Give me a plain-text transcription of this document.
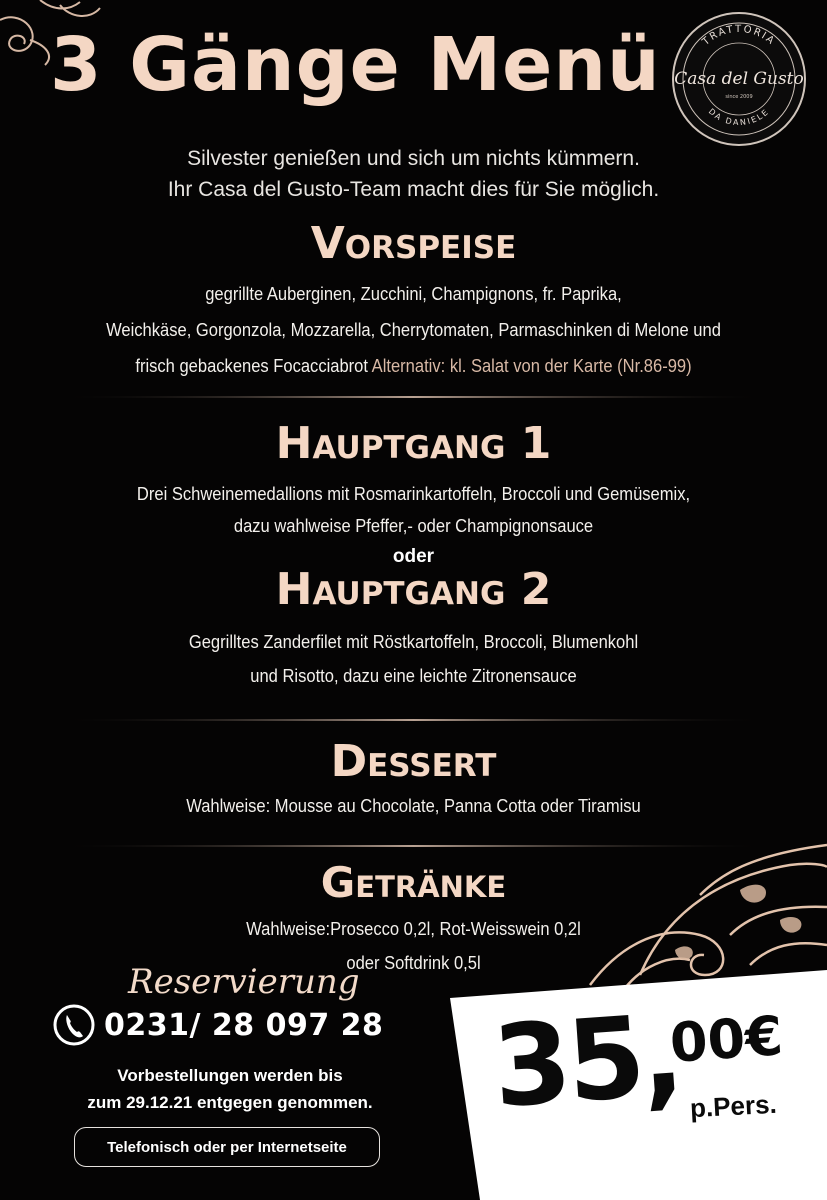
3 Gänge Menü	TRATTORIA
Casa del Gusto
since 2009
DA DANIELE
Silvester genießen und sich um nichts kümmern.
Ihr Casa del Gusto-Team macht dies für Sie möglich.
Vorspeise
gegrillte Auberginen, Zucchini, Champignons, fr. Paprika,
Weichkäse, Gorgonzola, Mozzarella, Cherrytomaten, Parmaschinken di Melone und
frisch gebackenes Focacciabrot Alternativ: kl. Salat von der Karte (Nr.86-99)
Hauptgang 1
Drei Schweinemedallions mit Rosmarinkartoffeln, Broccoli und Gemüsemix,
dazu wahlweise Pfeffer,- oder Champignonsauce
oder
Hauptgang 2
Gegrilltes Zanderfilet mit Röstkartoffeln, Broccoli, Blumenkohl
und Risotto, dazu eine leichte Zitronensauce
Dessert
Wahlweise: Mousse au Chocolate, Panna Cotta oder Tiramisu
Getränke
Wahlweise:Prosecco 0,2l, Rot-Weisswein 0,2l
oder Softdrink 0,5l
Reservierung
0231/ 28 097 28
Vorbestellungen werden bis
zum 29.12.21 entgegen genommen.
Telefonisch oder per Internetseite
35,
00€
p.Pers.
